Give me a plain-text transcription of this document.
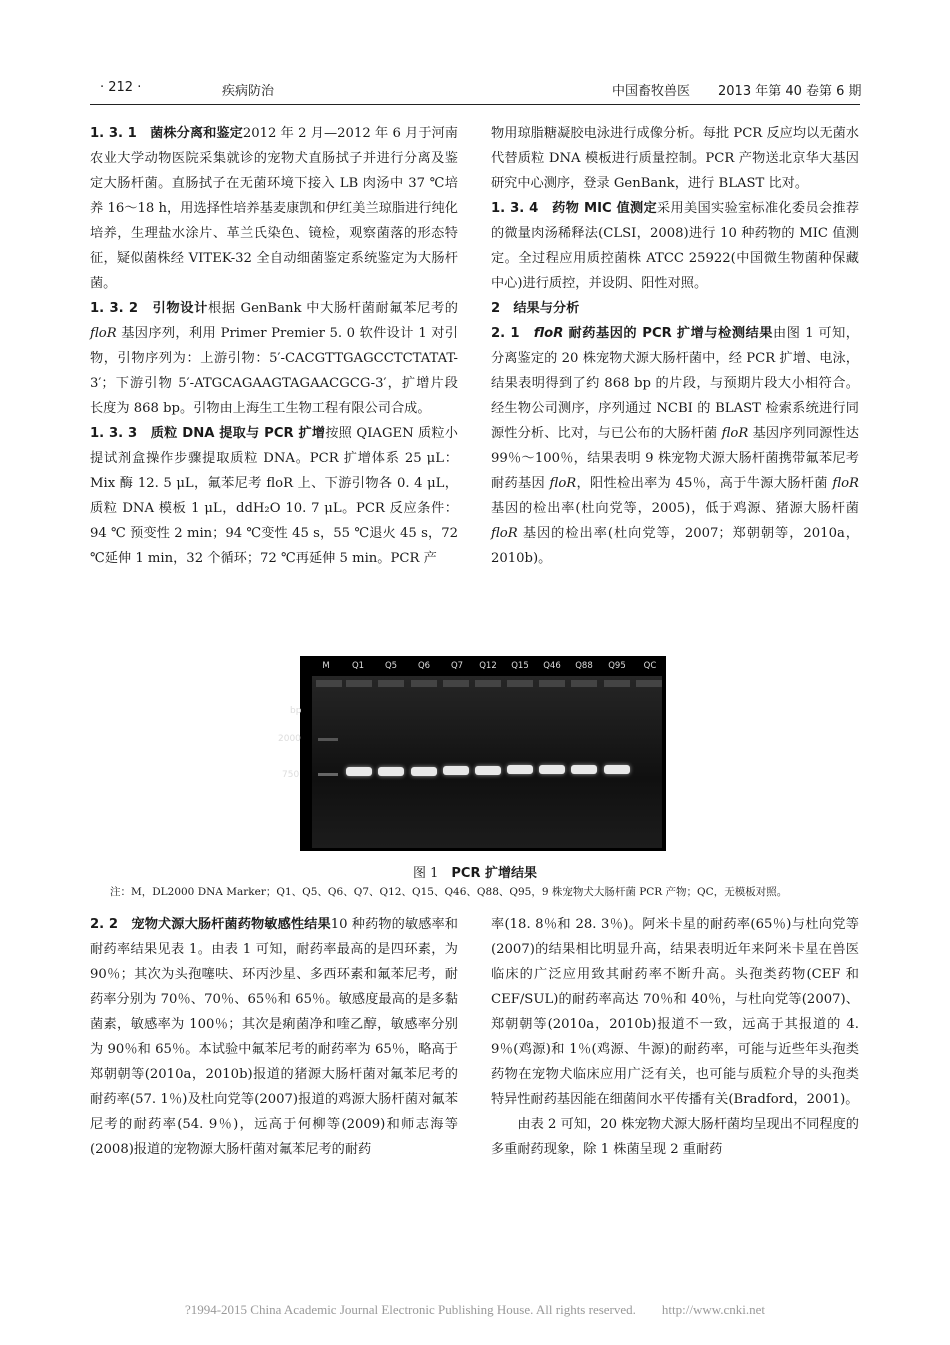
· 212 ·	疾病防治	中国畜牧兽医 2013 年第 40 卷第 6 期

1. 3. 1　菌株分离和鉴定2012 年 2 月—2012 年 6 月于河南农业大学动物医院采集就诊的宠物犬直肠拭子并进行分离及鉴定大肠杆菌。直肠拭子在无菌环境下接入 LB 肉汤中 37 ℃培养 16～18 h，用选择性培养基麦康凯和伊红美兰琼脂进行纯化培养，生理盐水涂片、革兰氏染色、镜检，观察菌落的形态特征，疑似菌株经 VITEK-32 全自动细菌鉴定系统鉴定为大肠杆菌。

1. 3. 2　引物设计根据 GenBank 中大肠杆菌耐氟苯尼考的 floR 基因序列，利用 Primer Premier 5. 0 软件设计 1 对引物，引物序列为：上游引物：5′-CACGTTGAGCCTCTATAT-3′；下游引物 5′-ATGCAGAAGTAGAACGCG-3′，扩增片段长度为 868 bp。引物由上海生工生物工程有限公司合成。

1. 3. 3　质粒 DNA 提取与 PCR 扩增按照 QIAGEN 质粒小提试剂盒操作步骤提取质粒 DNA。PCR 扩增体系 25 μL：Mix 酶 12. 5 μL，氟苯尼考 floR 上、下游引物各 0. 4 μL，质粒 DNA 模板 1 μL，ddH₂O 10. 7 μL。PCR 反应条件：94 ℃ 预变性 2 min；94 ℃变性 45 s，55 ℃退火 45 s，72 ℃延伸 1 min，32 个循环；72 ℃再延伸 5 min。PCR 产

物用琼脂糖凝胶电泳进行成像分析。每批 PCR 反应均以无菌水代替质粒 DNA 模板进行质量控制。PCR 产物送北京华大基因研究中心测序，登录 GenBank，进行 BLAST 比对。

1. 3. 4　药物 MIC 值测定采用美国实验室标准化委员会推荐的微量肉汤稀释法(CLSI，2008)进行 10 种药物的 MIC 值测定。全过程应用质控菌株 ATCC 25922(中国微生物菌种保藏中心)进行质控，并设阴、阳性对照。

2　结果与分析

2. 1　floR 耐药基因的 PCR 扩增与检测结果由图 1 可知，分离鉴定的 20 株宠物犬源大肠杆菌中，经 PCR 扩增、电泳，结果表明得到了约 868 bp 的片段，与预期片段大小相符合。经生物公司测序，序列通过 NCBI 的 BLAST 检索系统进行同源性分析、比对，与已公布的大肠杆菌 floR 基因序列同源性达 99％～100％，结果表明 9 株宠物犬源大肠杆菌携带氟苯尼考耐药基因 floR，阳性检出率为 45％，高于牛源大肠杆菌 floR 基因的检出率(杜向党等，2005)，低于鸡源、猪源大肠杆菌 floR 基因的检出率(杜向党等，2007；郑朝朝等，2010a，2010b)。

M	Q1	Q5	Q6	Q7	Q12	Q15	Q46	Q88	Q95	QC
bp
2000
750
图 1　PCR 扩增结果
注：M，DL2000 DNA Marker；Q1、Q5、Q6、Q7、Q12、Q15、Q46、Q88、Q95，9 株宠物犬大肠杆菌 PCR 产物；QC，无模板对照。

2. 2　宠物犬源大肠杆菌药物敏感性结果10 种药物的敏感率和耐药率结果见表 1。由表 1 可知，耐药率最高的是四环素，为 90％；其次为头孢噻呋、环丙沙星、多西环素和氟苯尼考，耐药率分别为 70％、70％、65％和 65％。敏感度最高的是多黏菌素，敏感率为 100％；其次是痢菌净和喹乙醇，敏感率分别为 90％和 65％。本试验中氟苯尼考的耐药率为 65％，略高于郑朝朝等(2010a，2010b)报道的猪源大肠杆菌对氟苯尼考的耐药率(57. 1％)及杜向党等(2007)报道的鸡源大肠杆菌对氟苯尼考的耐药率(54. 9％)，远高于何柳等(2009)和师志海等(2008)报道的宠物源大肠杆菌对氟苯尼考的耐药

率(18. 8％和 28. 3％)。阿米卡星的耐药率(65％)与杜向党等(2007)的结果相比明显升高，结果表明近年来阿米卡星在兽医临床的广泛应用致其耐药率不断升高。头孢类药物(CEF 和 CEF/SUL)的耐药率高达 70％和 40％，与杜向党等(2007)、郑朝朝等(2010a，2010b)报道不一致，远高于其报道的 4. 9％(鸡源)和 1％(鸡源、牛源)的耐药率，可能与近些年头孢类药物在宠物犬临床应用广泛有关，也可能与质粒介导的头孢类特异性耐药基因能在细菌间水平传播有关(Bradford，2001)。

由表 2 可知，20 株宠物犬源大肠杆菌均呈现出不同程度的多重耐药现象，除 1 株菌呈现 2 重耐药

?1994-2015 China Academic Journal Electronic Publishing House. All rights reserved.　　http://www.cnki.net
